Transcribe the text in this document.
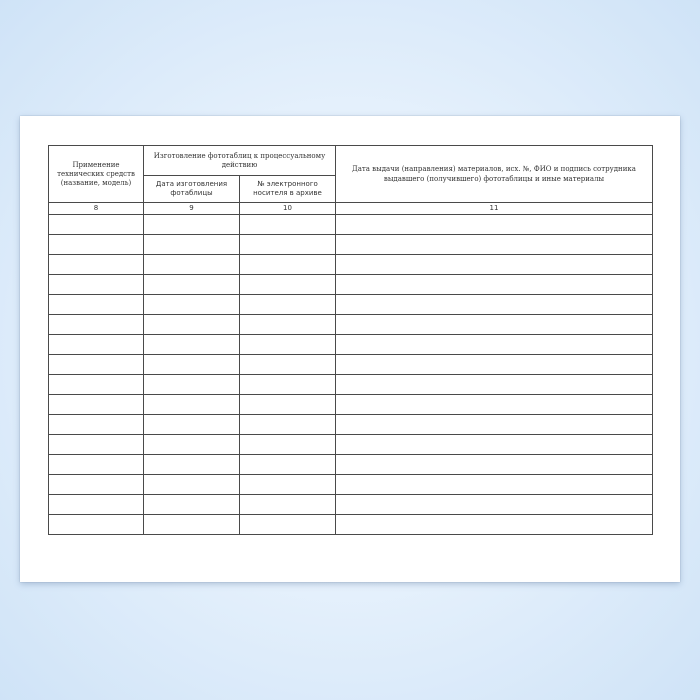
Применение технических средств (название, модель)	Изготовление фототаблиц к процессуальному действию		Дата выдачи (направления) материалов, исх. №, ФИО и подпись сотрудника выдавшего (получившего) фототаблицы и иные материалы
	Дата изготовления фотаблицы	№ электронного носителя в архиве	
8	9	10	11
